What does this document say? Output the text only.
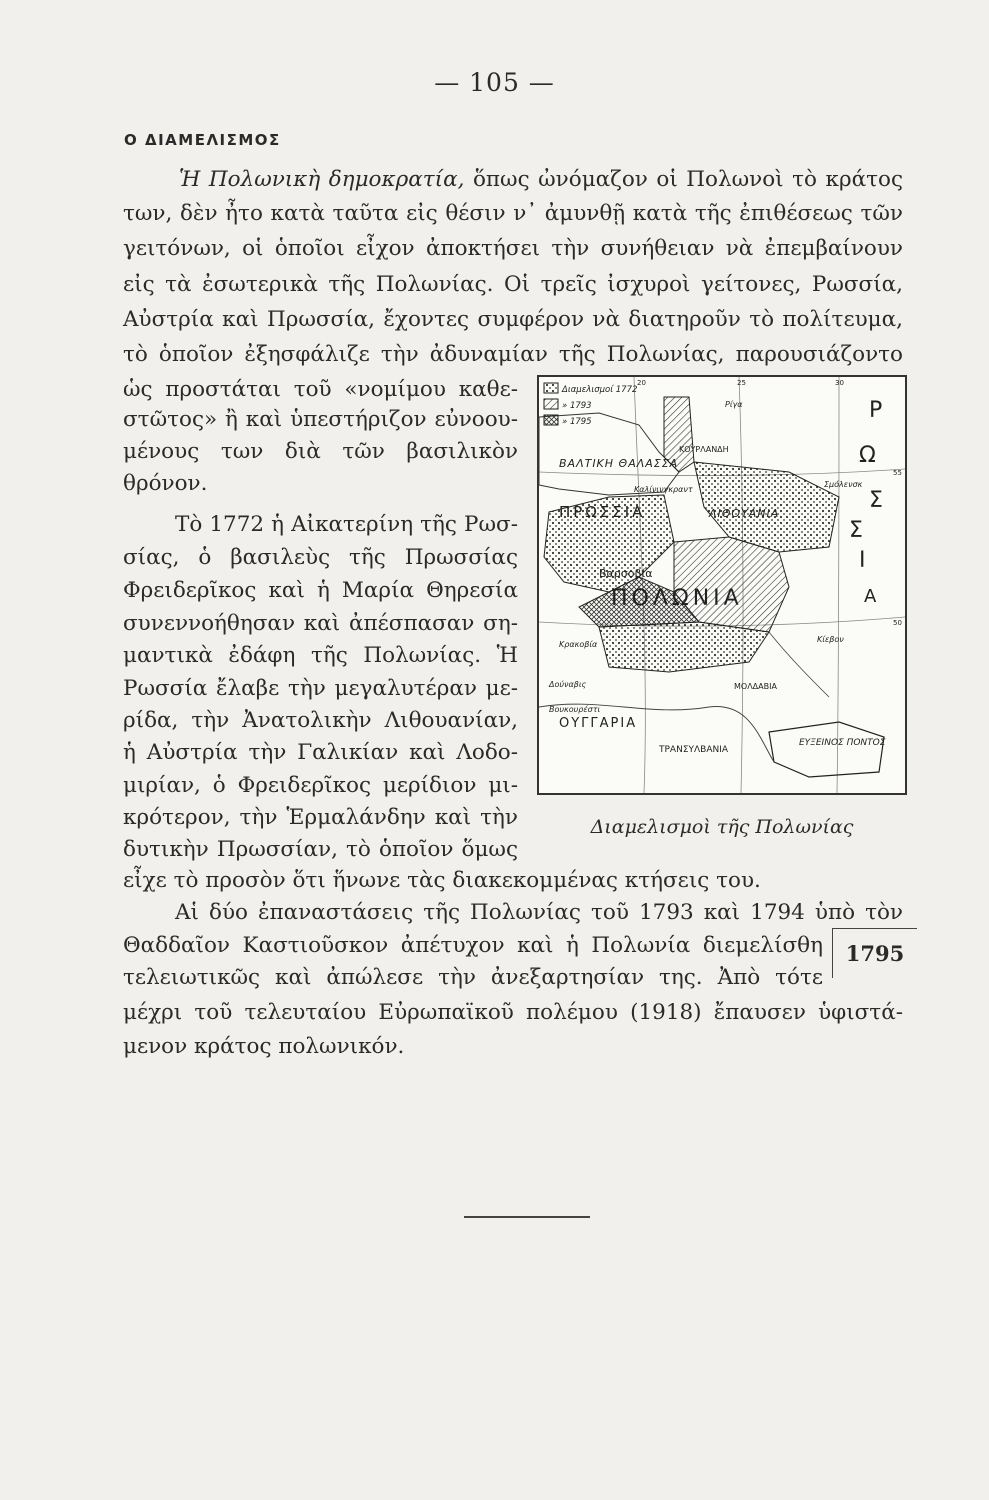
— 105 —
Ο ΔΙΑΜΕΛΙΣΜΟΣ
Ἡ Πολωνικὴ δημοκρατία, ὅπως ὠνόμαζον οἱ Πολωνοὶ τὸ κράτος
των, δὲν ἦτο κατὰ ταῦτα εἰς θέσιν ν᾿ ἀμυνθῇ κατὰ τῆς ἐπιθέσεως τῶν
γειτόνων, οἱ ὁποῖοι εἶχον ἀποκτήσει τὴν συνήθειαν νὰ ἐπεμβαίνουν
εἰς τὰ ἐσωτερικὰ τῆς Πολωνίας. Οἱ τρεῖς ἰσχυροὶ γείτονες, Ρωσσία,
Αὐστρία καὶ Πρωσσία, ἔχοντες συμφέρον νὰ διατηροῦν τὸ πολίτευμα,
τὸ ὁποῖον ἐξησφάλιζε τὴν ἀδυναμίαν τῆς Πολωνίας, παρουσιάζοντο
ὡς προστάται τοῦ «νομίμου καθε-
στῶτος» ἢ καὶ ὑπεστήριζον εὐνοου-
μένους των διὰ τῶν βασιλικὸν
θρόνον.
Τὸ 1772 ἡ Αἰκατερίνη τῆς Ρωσ-
σίας, ὁ βασιλεὺς τῆς Πρωσσίας
Φρειδερῖκος καὶ ἡ Μαρία Θηρεσία
συνεννοήθησαν καὶ ἀπέσπασαν ση-
μαντικὰ ἐδάφη τῆς Πολωνίας. Ἡ
Ρωσσία ἔλαβε τὴν μεγαλυτέραν με-
ρίδα, τὴν Ἀνατολικὴν Λιθουανίαν,
ἡ Αὐστρία τὴν Γαλικίαν καὶ Λοδο-
μιρίαν, ὁ Φρειδερῖκος μερίδιον μι-
κρότερον, τὴν Ἑρμαλάνδην καὶ τὴν
δυτικὴν Πρωσσίαν, τὸ ὁποῖον ὅμως
εἶχε τὸ προσὸν ὅτι ἥνωνε τὰς διακεκομμένας κτήσεις του.
Αἱ δύο ἐπαναστάσεις τῆς Πολωνίας τοῦ 1793 καὶ 1794 ὑπὸ τὸν
Θαδδαῖον Καστιοῦσκον ἀπέτυχον καὶ ἡ Πολωνία διεμελίσθη
τελειωτικῶς καὶ ἀπώλεσε τὴν ἀνεξαρτησίαν της. Ἀπὸ τότε
μέχρι τοῦ τελευταίου Εὐρωπαϊκοῦ πολέμου (1918) ἔπαυσεν ὑφιστά-
μενον κράτος πολωνικόν.
1795
Διαμελισμοί 1772
» 1793
» 1795
20	25	30
55
50
ΒΑΛΤΙΚΗ ΘΑΛΑΣΣΑ
ΠΡΩΣΣΙΑ
ΠΟΛΩΝΙΑ
Βαρσοβία
ΛΙΘΟΥΑΝΙΑ
ΟΥΓΓΑΡΙΑ
ΤΡΑΝΣΥΛΒΑΝΙΑ
ΕΥΞΕΙΝΟΣ ΠΟΝΤΟΣ
ΚΟΥΡΛΑΝΔΗ
Ρίγα
Κίεβον
Κρακοβία
ΜΟΛΔΑΒΙΑ
Σμόλενσκ
Καλίνινγκραντ
Δούναβις
Βουκουρέστι
Ρ
Ω
Σ
Σ
Ι
Α
Διαμελισμοὶ τῆς Πολωνίας
